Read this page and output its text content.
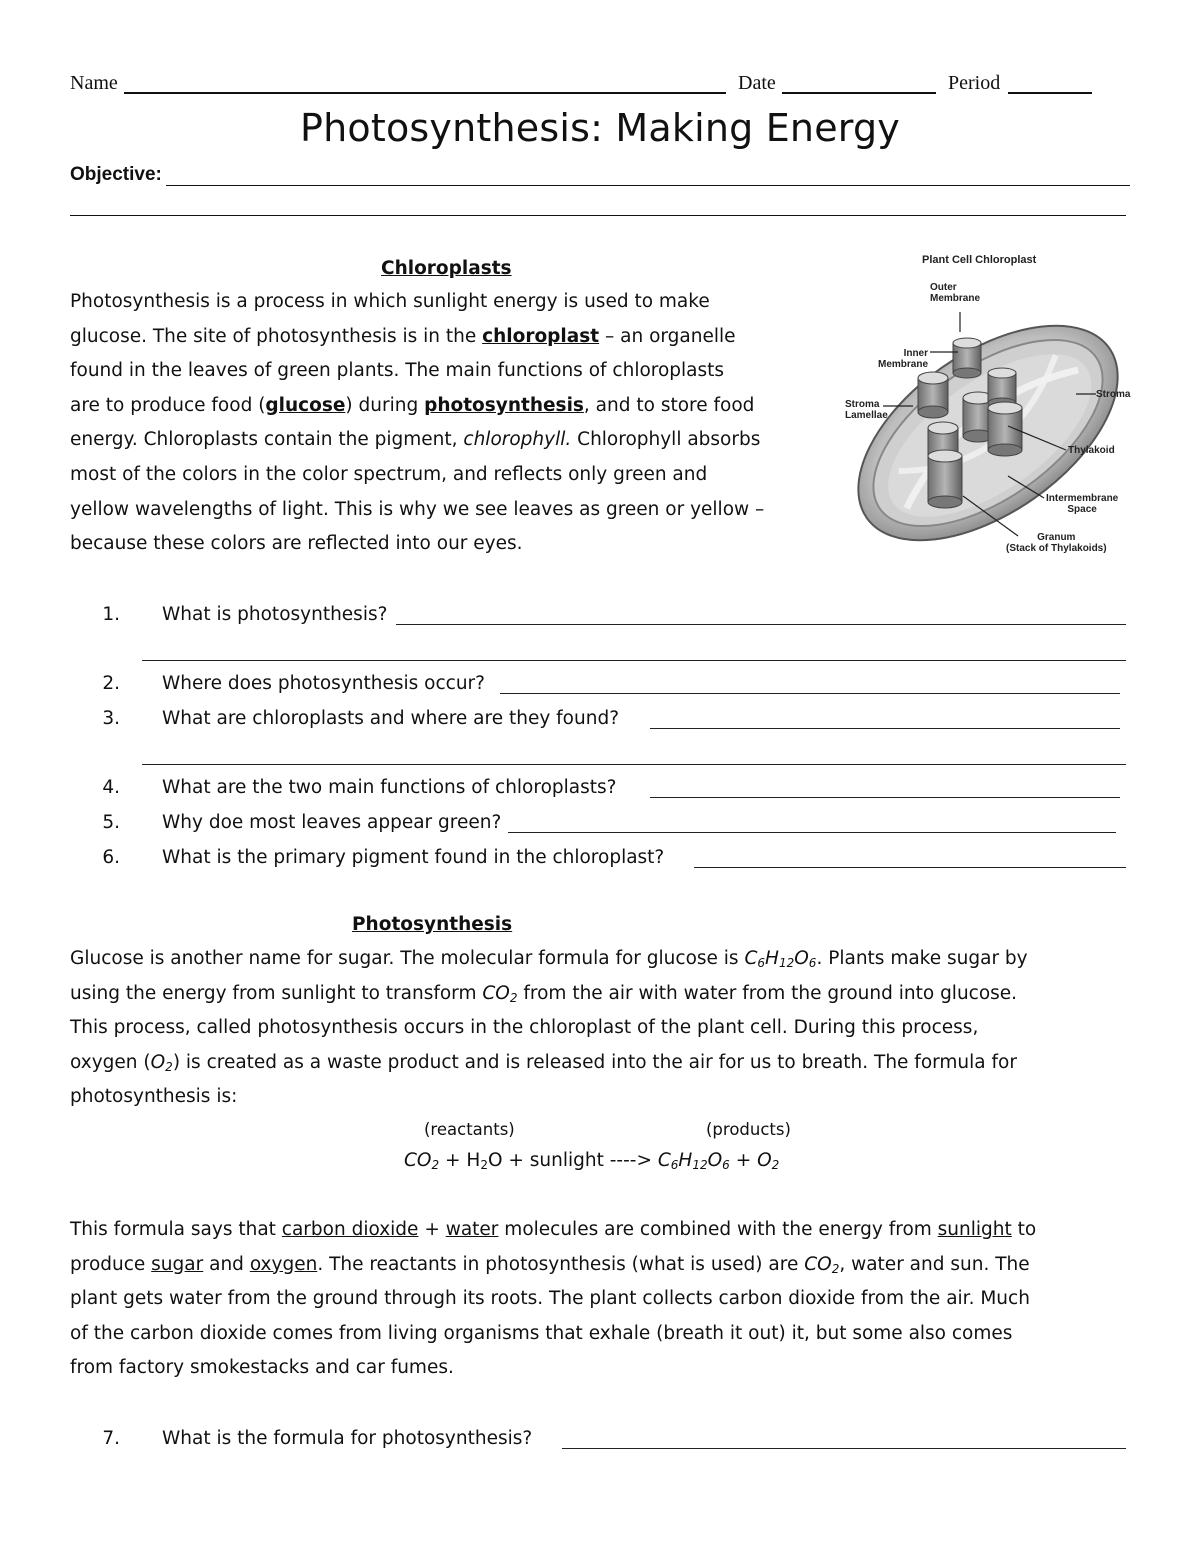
Name	Date	Period
Photosynthesis: Making Energy
Objective:
Chloroplasts
Photosynthesis is a process in which sunlight energy is used to make
glucose. The site of photosynthesis is in the chloroplast – an organelle
found in the leaves of green plants. The main functions of chloroplasts
are to produce food (glucose) during photosynthesis, and to store food
energy. Chloroplasts contain the pigment, chlorophyll. Chlorophyll absorbs
most of the colors in the color spectrum, and reflects only green and
yellow wavelengths of light. This is why we see leaves as green or yellow –
because these colors are reflected into our eyes.
Plant Cell Chloroplast
Outer
Membrane
Inner
Membrane
Stroma
Stroma
Lamellae
Thylakoid
Intermembrane
Space
Granum
(Stack of Thylakoids)
1. What is photosynthesis?
2. Where does photosynthesis occur?
3. What are chloroplasts and where are they found?
4. What are the two main functions of chloroplasts?
5. Why doe most leaves appear green?
6. What is the primary pigment found in the chloroplast?
Photosynthesis
Glucose is another name for sugar. The molecular formula for glucose is $C_6H_{12}O_6$. Plants make sugar by
using the energy from sunlight to transform $CO_2$ from the air with water from the ground into glucose.
This process, called photosynthesis occurs in the chloroplast of the plant cell. During this process,
oxygen $(O_2)$ is created as a waste product and is released into the air for us to breath. The formula for
photosynthesis is:
(reactants)	(products)
$CO_2 + H_2O$ + sunlight ----> $C_6H_{12}O_6 + O_2$
This formula says that carbon dioxide + water molecules are combined with the energy from sunlight to
produce sugar and oxygen. The reactants in photosynthesis (what is used) are $CO_2$, water and sun. The
plant gets water from the ground through its roots. The plant collects carbon dioxide from the air. Much
of the carbon dioxide comes from living organisms that exhale (breath it out) it, but some also comes
from factory smokestacks and car fumes.
7. What is the formula for photosynthesis?
